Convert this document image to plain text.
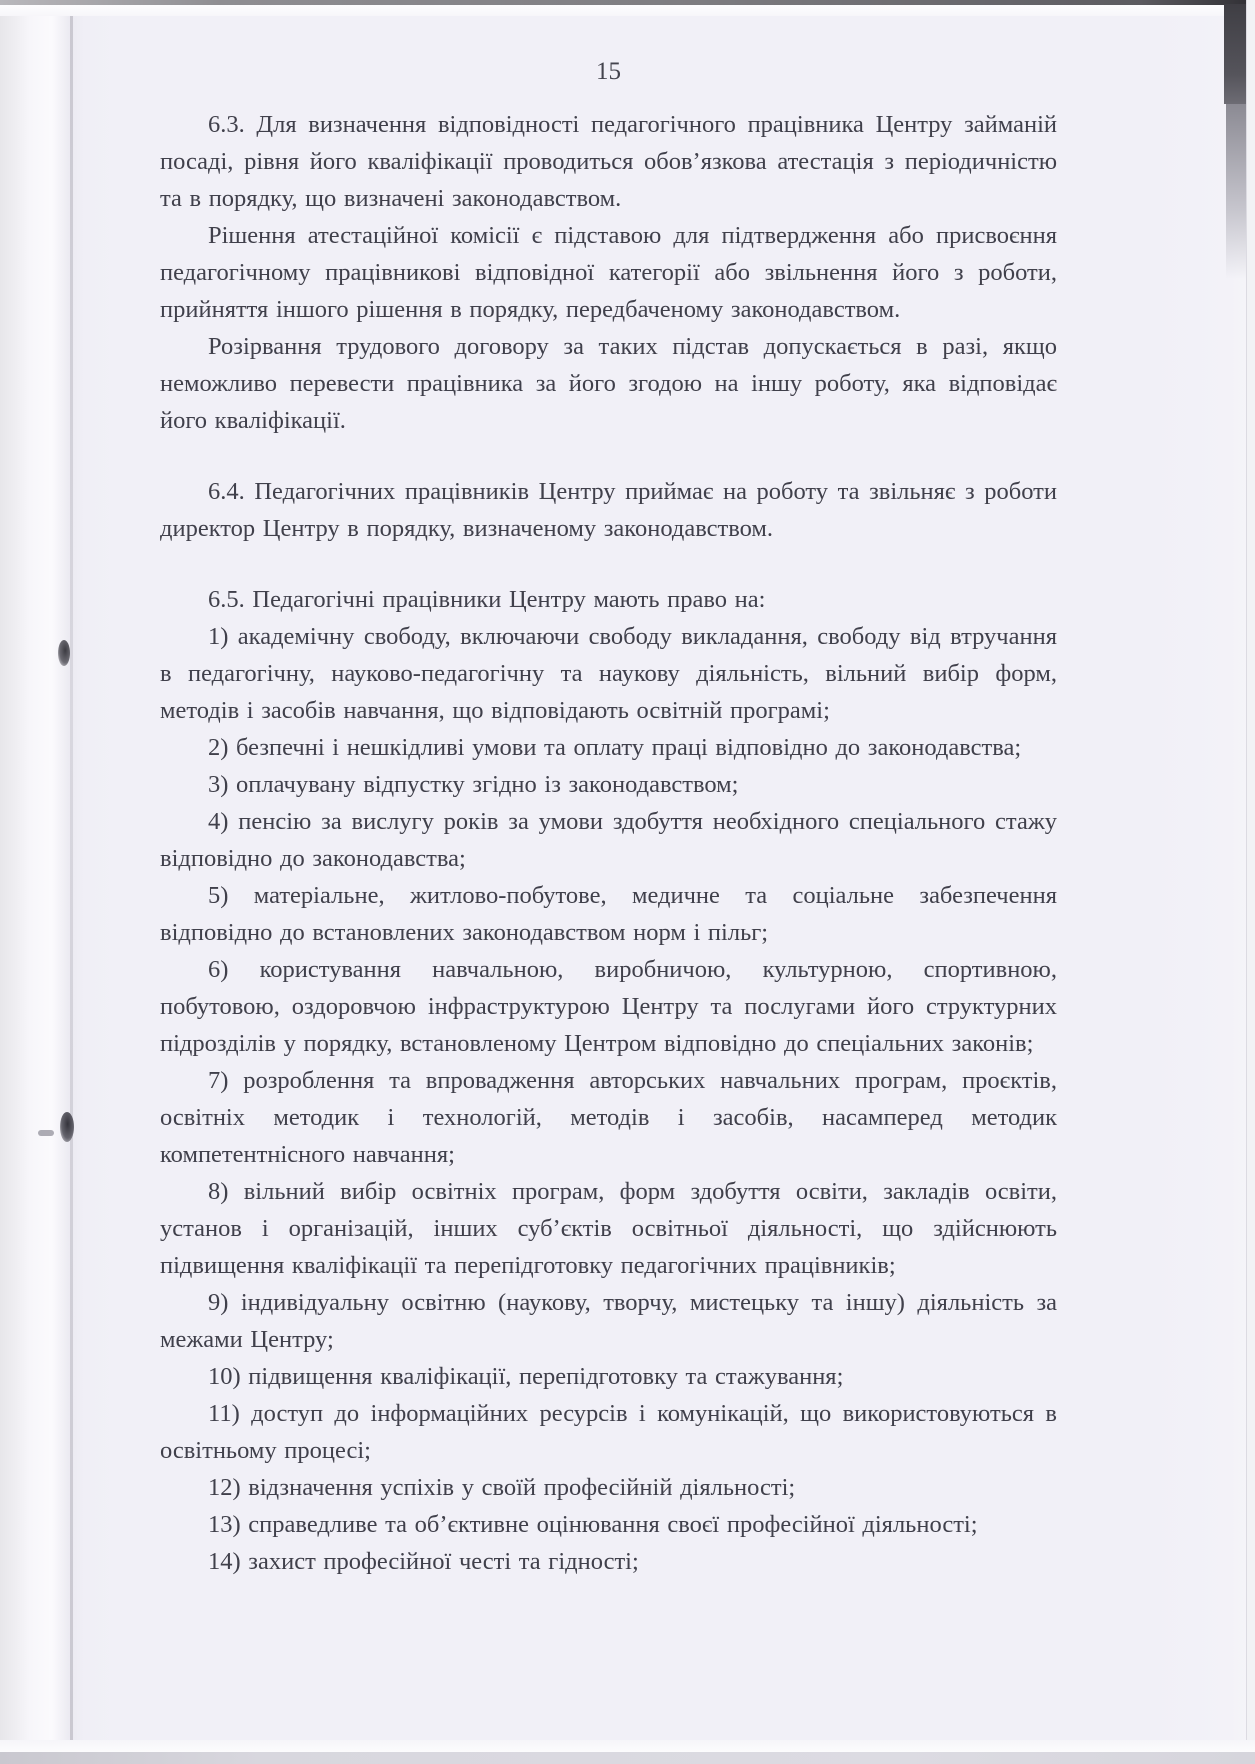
15

6.3. Для визначення відповідності педагогічного працівника Центру займаній посаді, рівня його кваліфікації проводиться обов’язкова атестація з періодичністю та в порядку, що визначені законодавством.

Рішення атестаційної комісії є підставою для підтвердження або присвоєння педагогічному працівникові відповідної категорії або звільнення його з роботи, прийняття іншого рішення в порядку, передбаченому законодавством.

Розірвання трудового договору за таких підстав допускається в разі, якщо неможливо перевести працівника за його згодою на іншу роботу, яка відповідає його кваліфікації.

6.4. Педагогічних працівників Центру приймає на роботу та звільняє з роботи директор Центру в порядку, визначеному законодавством.

6.5. Педагогічні працівники Центру мають право на:

1) академічну свободу, включаючи свободу викладання, свободу від втручання в педагогічну, науково-педагогічну та наукову діяльність, вільний вибір форм, методів і засобів навчання, що відповідають освітній програмі;

2) безпечні і нешкідливі умови та оплату праці відповідно до законодавства;

3) оплачувану відпустку згідно із законодавством;

4) пенсію за вислугу років за умови здобуття необхідного спеціального стажу відповідно до законодавства;

5) матеріальне, житлово-побутове, медичне та соціальне забезпечення відповідно до встановлених законодавством норм і пільг;

6) користування навчальною, виробничою, культурною, спортивною, побутовою, оздоровчою інфраструктурою Центру та послугами його структурних підрозділів у порядку, встановленому Центром відповідно до спеціальних законів;

7) розроблення та впровадження авторських навчальних програм, проєктів, освітніх методик і технологій, методів і засобів, насамперед методик компетентнісного навчання;

8) вільний вибір освітніх програм, форм здобуття освіти, закладів освіти, установ і організацій, інших суб’єктів освітньої діяльності, що здійснюють підвищення кваліфікації та перепідготовку педагогічних працівників;

9) індивідуальну освітню (наукову, творчу, мистецьку та іншу) діяльність за межами Центру;

10) підвищення кваліфікації, перепідготовку та стажування;

11) доступ до інформаційних ресурсів і комунікацій, що використовуються в освітньому процесі;

12) відзначення успіхів у своїй професійній діяльності;

13) справедливе та об’єктивне оцінювання своєї професійної діяльності;

14) захист професійної честі та гідності;
